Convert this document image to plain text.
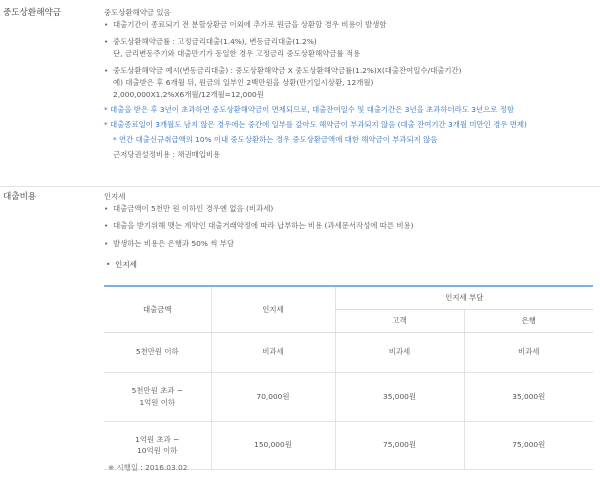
중도상환해약금	중도상환해약금 있음
• 대출기간이 종료되기 전 분할상환금 이외에 추가로 원금을 상환할 경우 비용이 발생함
• 중도상환해약금률 : 고정금리대출(1.4%), 변동금리대출(1.2%)
단, 금리변동주기와 대출만기가 동일한 경우 고정금리 중도상환해약금률 적용
• 중도상환해약금 예시(변동금리대출) : 중도상환해약금 X 중도상환해약금률(1.2%)X(대출잔여일수/대출기간)
예) 대출받은 후 6개월 뒤, 원금의 일부인 2백만원을 상환(만기일시상환, 12개월)
2,000,000X1.2%X6개월/12개월=12,000원
* 대출을 받은 후 3년이 초과하면 중도상환해약금이 면제되므로, 대출잔여일수 및 대출기간은 3년을 초과하더라도 3년으로 정함
* 대출종료일이 3개월도 남지 않은 경우에는 중간에 일부를 갚아도 해약금이 부과되지 않음 (대출 잔여기간 3개월 미만인 경우 면제)
* 연간 대출신규취급액의 10% 이내 중도상환하는 경우 중도상환금액에 대한 해약금이 부과되지 않음
근저당권설정비용 : 채권매입비용
대출비용	인지세
• 대출금액이 5천만 원 이하인 경우엔 없음 (비과세)
• 대출을 받기위해 맺는 계약인 대출거래약정에 따라 납부하는 비용 (과세문서작성에 따른 비용)
• 발생하는 비용은 은행과 50% 씩 부담
• 인지세
대출금액	인지세	인지세 부담	
		고객	은행
5천만원 이하	비과세	비과세	비과세

5천만원 초과 ~
1억원 이하	70,000원	35,000원	35,000원

1억원 초과 ~
10억원 이하	150,000원	75,000원	75,000원
※ 시행일 : 2016.03.02
